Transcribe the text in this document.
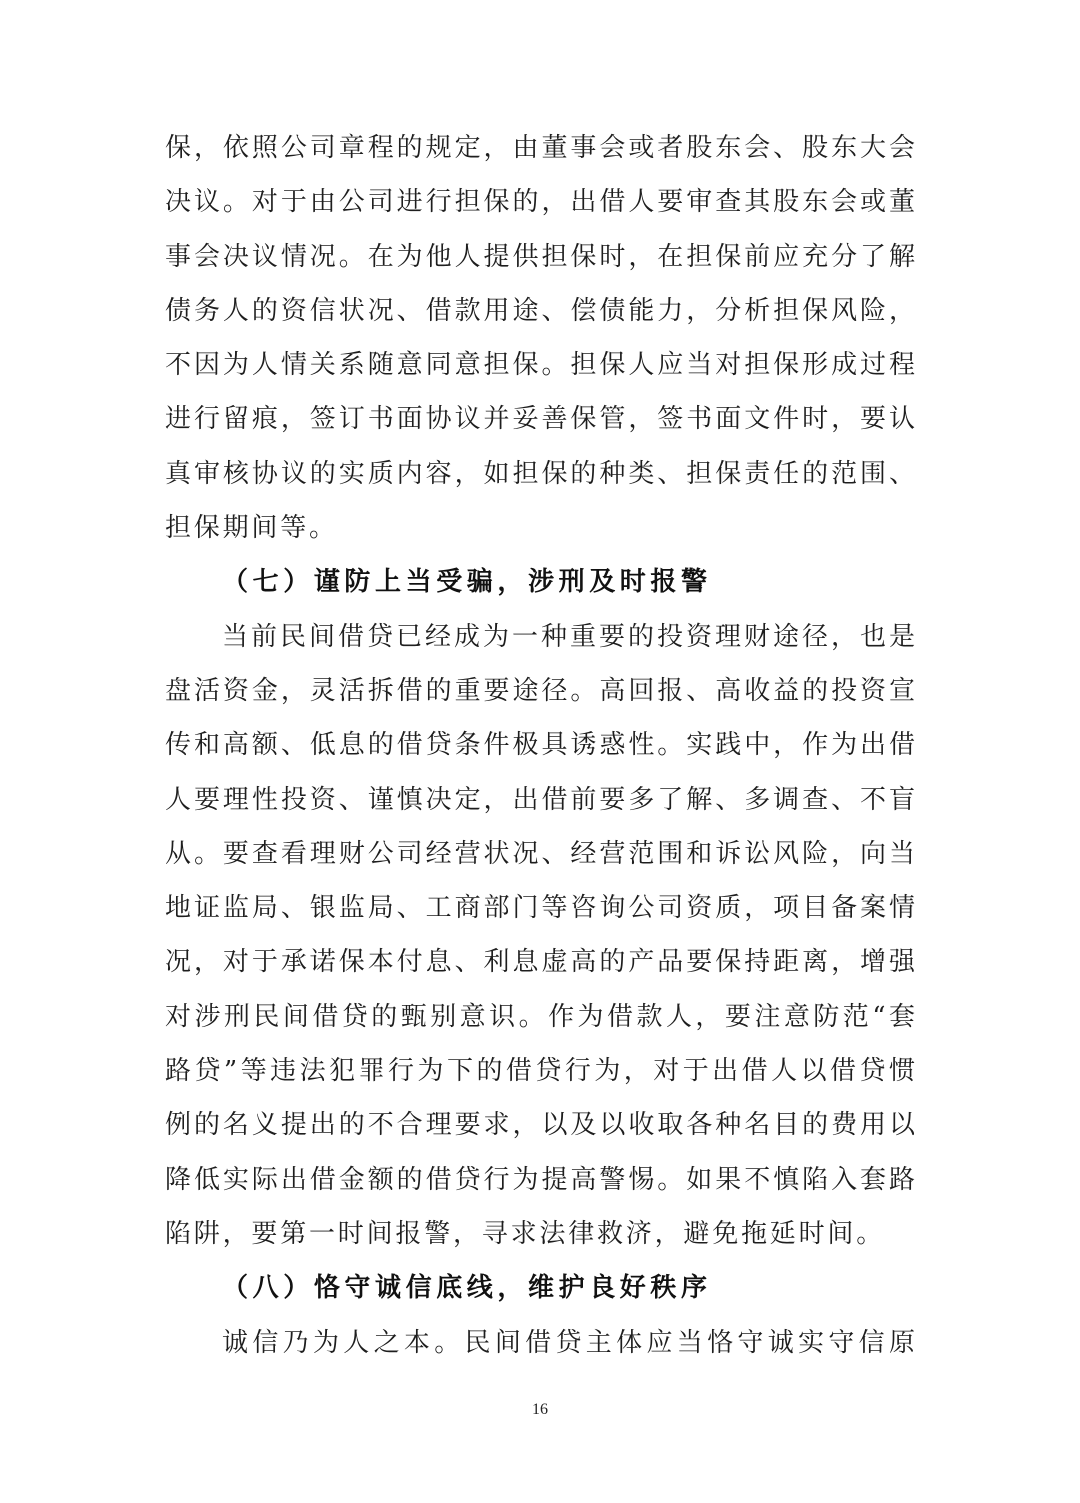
保，依照公司章程的规定，由董事会或者股东会、股东大会
决议。对于由公司进行担保的，出借人要审查其股东会或董
事会决议情况。在为他人提供担保时，在担保前应充分了解
债务人的资信状况、借款用途、偿债能力，分析担保风险，
不因为人情关系随意同意担保。担保人应当对担保形成过程
进行留痕，签订书面协议并妥善保管，签书面文件时，要认
真审核协议的实质内容，如担保的种类、担保责任的范围、
担保期间等。
（七）谨防上当受骗，涉刑及时报警
当前民间借贷已经成为一种重要的投资理财途径，也是
盘活资金，灵活拆借的重要途径。高回报、高收益的投资宣
传和高额、低息的借贷条件极具诱惑性。实践中，作为出借
人要理性投资、谨慎决定，出借前要多了解、多调查、不盲
从。要查看理财公司经营状况、经营范围和诉讼风险，向当
地证监局、银监局、工商部门等咨询公司资质，项目备案情
况，对于承诺保本付息、利息虚高的产品要保持距离，增强
对涉刑民间借贷的甄别意识。作为借款人，要注意防范“套
路贷”等违法犯罪行为下的借贷行为，对于出借人以借贷惯
例的名义提出的不合理要求，以及以收取各种名目的费用以
降低实际出借金额的借贷行为提高警惕。如果不慎陷入套路
陷阱，要第一时间报警，寻求法律救济，避免拖延时间。
（八）恪守诚信底线，维护良好秩序
诚信乃为人之本。民间借贷主体应当恪守诚实守信原
16
